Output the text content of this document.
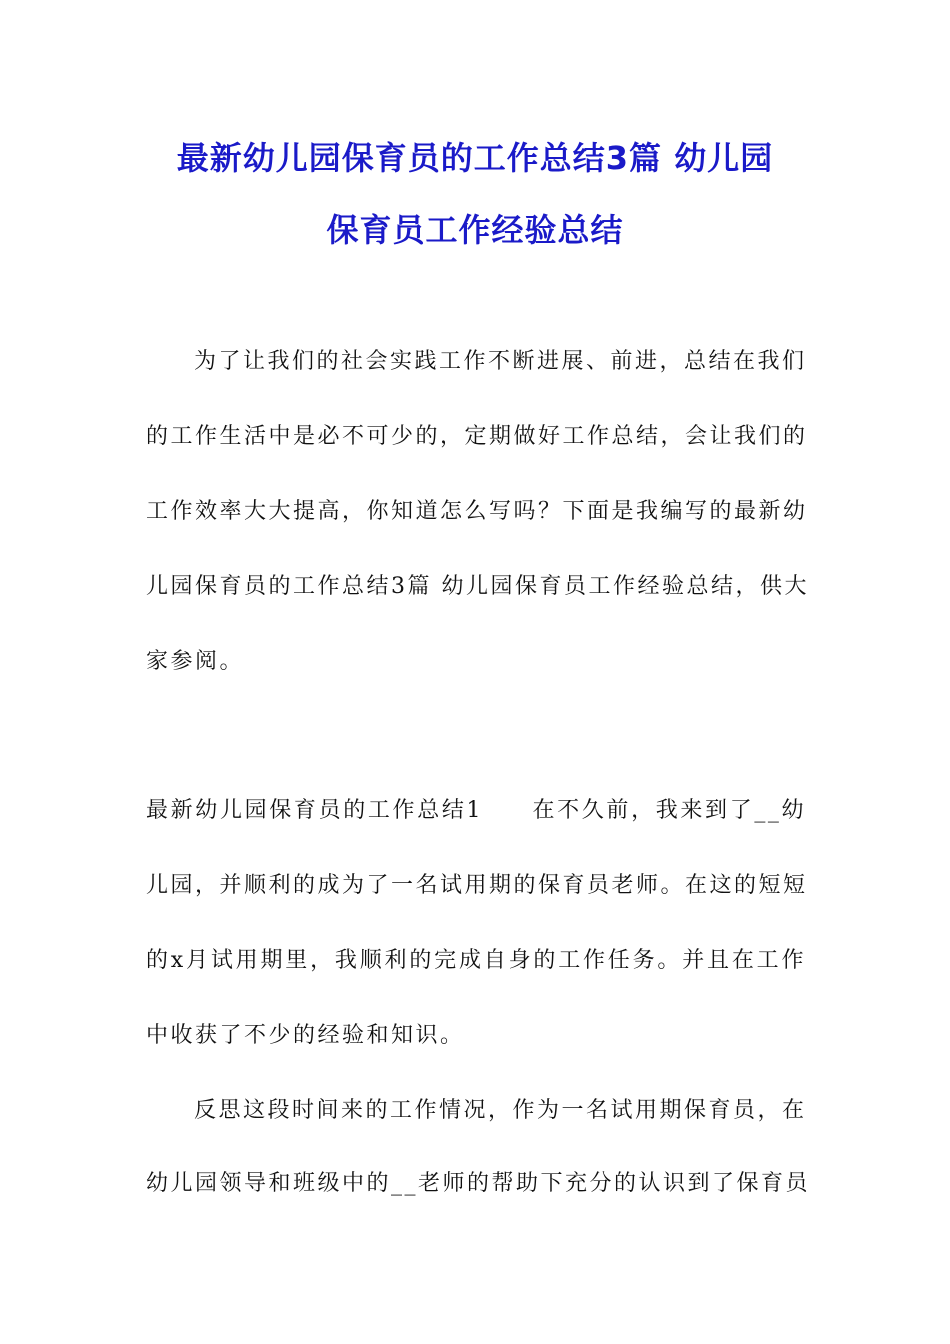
最新幼儿园保育员的工作总结3篇 幼儿园
保育员工作经验总结
为了让我们的社会实践工作不断进展、前进，总结在我们
的工作生活中是必不可少的，定期做好工作总结，会让我们的
工作效率大大提高，你知道怎么写吗？下面是我编写的最新幼
儿园保育员的工作总结3篇 幼儿园保育员工作经验总结，供大
家参阅。
最新幼儿园保育员的工作总结1　　在不久前，我来到了__幼
儿园，并顺利的成为了一名试用期的保育员老师。在这的短短
的x月试用期里，我顺利的完成自身的工作任务。并且在工作
中收获了不少的经验和知识。
反思这段时间来的工作情况，作为一名试用期保育员，在
幼儿园领导和班级中的__老师的帮助下充分的认识到了保育员
